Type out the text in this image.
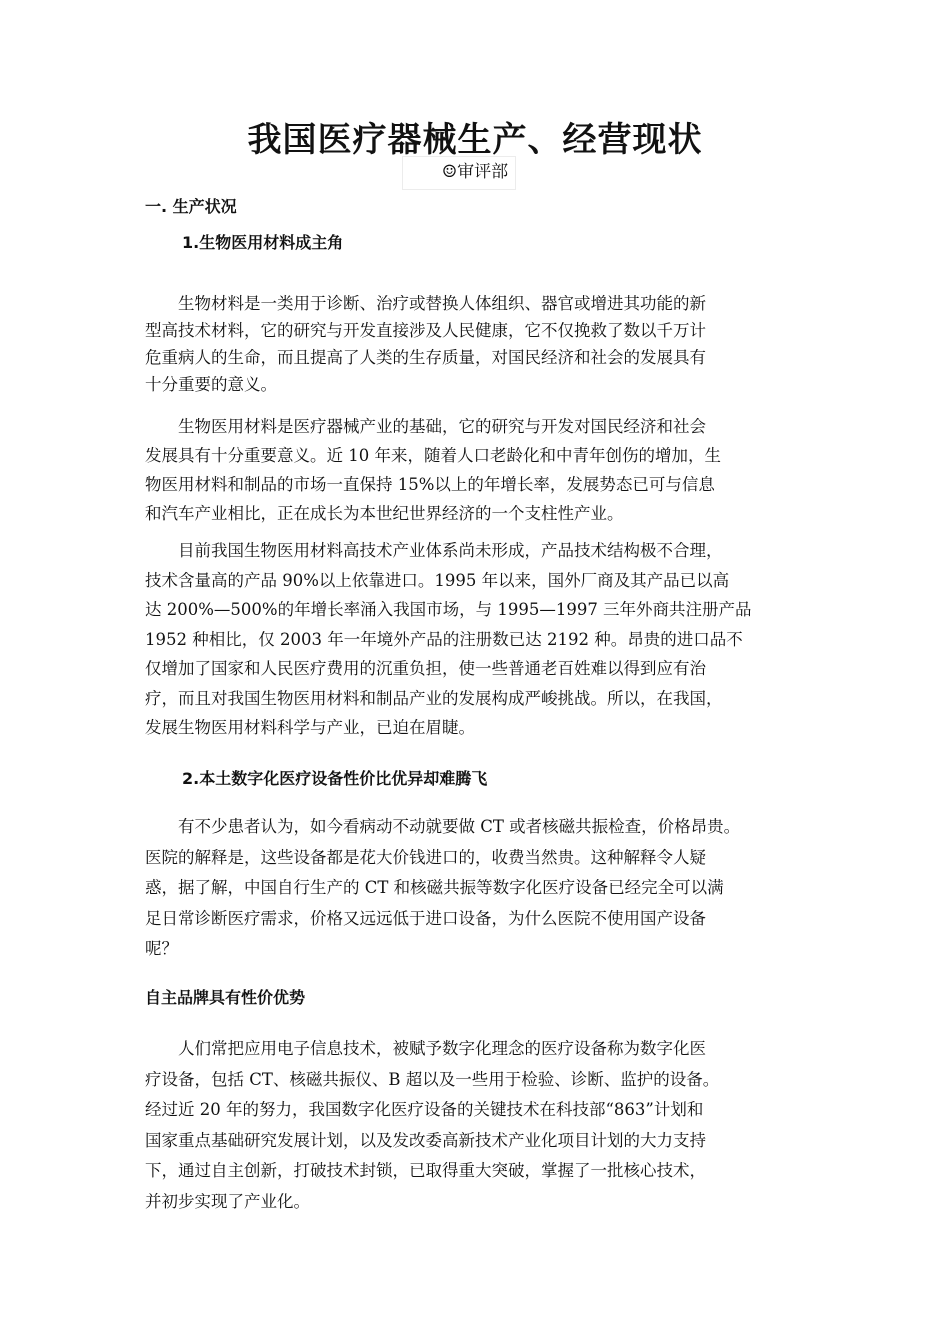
我国医疗器械生产、经营现状
☺审评部
一. 生产状况
1.生物医用材料成主角
　　生物材料是一类用于诊断、治疗或替换人体组织、器官或增进其功能的新
型高技术材料，它的研究与开发直接涉及人民健康，它不仅挽救了数以千万计
危重病人的生命，而且提高了人类的生存质量，对国民经济和社会的发展具有
十分重要的意义。
　　生物医用材料是医疗器械产业的基础，它的研究与开发对国民经济和社会
发展具有十分重要意义。近 10 年来，随着人口老龄化和中青年创伤的增加，生
物医用材料和制品的市场一直保持 15%以上的年增长率，发展势态已可与信息
和汽车产业相比，正在成长为本世纪世界经济的一个支柱性产业。
　　目前我国生物医用材料高技术产业体系尚未形成，产品技术结构极不合理，
技术含量高的产品 90%以上依靠进口。1995 年以来，国外厂商及其产品已以高
达 200%—500%的年增长率涌入我国市场，与 1995—1997 三年外商共注册产品
1952 种相比，仅 2003 年一年境外产品的注册数已达 2192 种。昂贵的进口品不
仅增加了国家和人民医疗费用的沉重负担，使一些普通老百姓难以得到应有治
疗，而且对我国生物医用材料和制品产业的发展构成严峻挑战。所以，在我国，
发展生物医用材料科学与产业，已迫在眉睫。
2.本土数字化医疗设备性价比优异却难腾飞
　　有不少患者认为，如今看病动不动就要做 CT 或者核磁共振检查，价格昂贵。
医院的解释是，这些设备都是花大价钱进口的，收费当然贵。这种解释令人疑
惑，据了解，中国自行生产的 CT 和核磁共振等数字化医疗设备已经完全可以满
足日常诊断医疗需求，价格又远远低于进口设备，为什么医院不使用国产设备
呢？
自主品牌具有性价优势
　　人们常把应用电子信息技术，被赋予数字化理念的医疗设备称为数字化医
疗设备，包括 CT、核磁共振仪、B 超以及一些用于检验、诊断、监护的设备。
经过近 20 年的努力，我国数字化医疗设备的关键技术在科技部“863”计划和
国家重点基础研究发展计划，以及发改委高新技术产业化项目计划的大力支持
下，通过自主创新，打破技术封锁，已取得重大突破，掌握了一批核心技术，
并初步实现了产业化。
